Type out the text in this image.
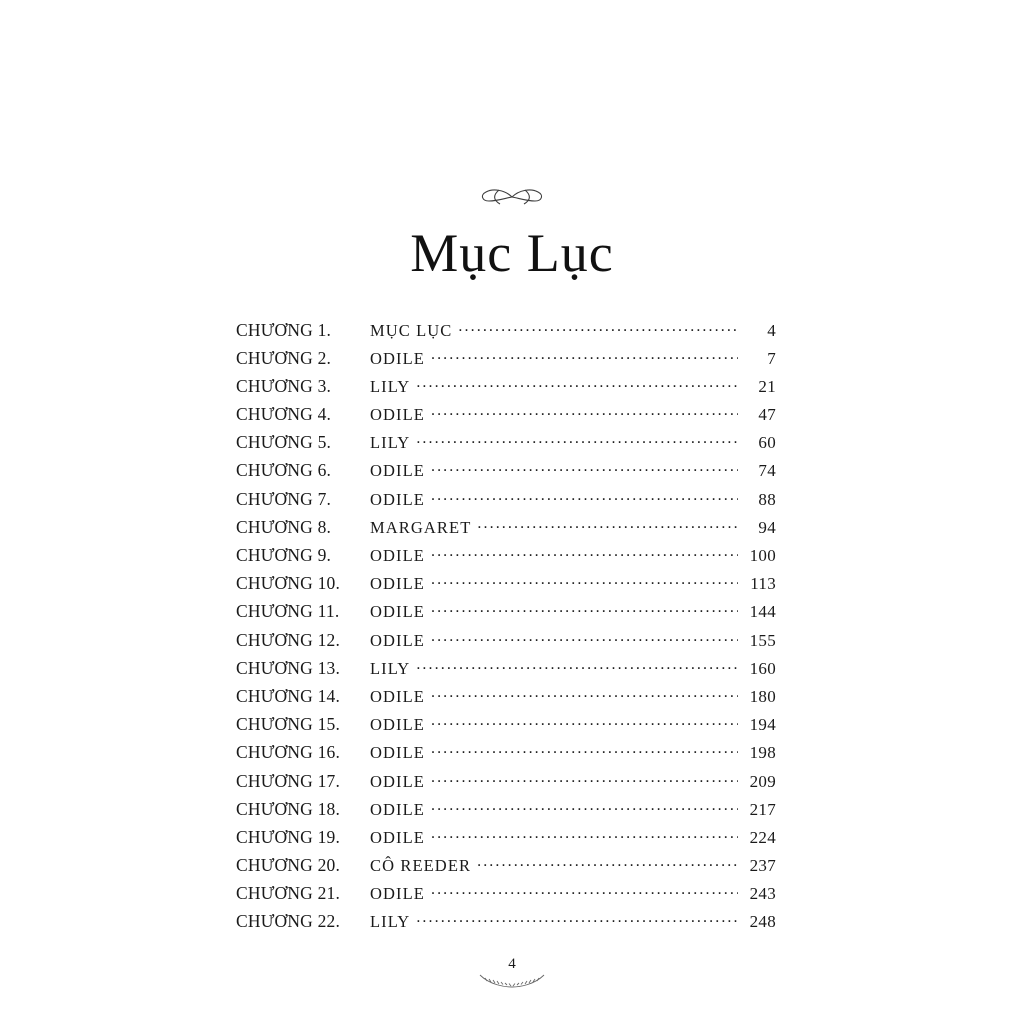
Mục Lục
CHƯƠNG 1.	MỤC LỤC .....	4
CHƯƠNG 2.	ODILE .....	7
CHƯƠNG 3.	LILY .....	21
CHƯƠNG 4.	ODILE .....	47
CHƯƠNG 5.	LILY .....	60
CHƯƠNG 6.	ODILE .....	74
CHƯƠNG 7.	ODILE .....	88
CHƯƠNG 8.	MARGARET .....	94
CHƯƠNG 9.	ODILE .....	100
CHƯƠNG 10.	ODILE .....	113
CHƯƠNG 11.	ODILE .....	144
CHƯƠNG 12.	ODILE .....	155
CHƯƠNG 13.	LILY .....	160
CHƯƠNG 14.	ODILE .....	180
CHƯƠNG 15.	ODILE .....	194
CHƯƠNG 16.	ODILE .....	198
CHƯƠNG 17.	ODILE .....	209
CHƯƠNG 18.	ODILE .....	217
CHƯƠNG 19.	ODILE .....	224
CHƯƠNG 20.	CÔ REEDER .....	237
CHƯƠNG 21.	ODILE .....	243
CHƯƠNG 22.	LILY .....	248
4
